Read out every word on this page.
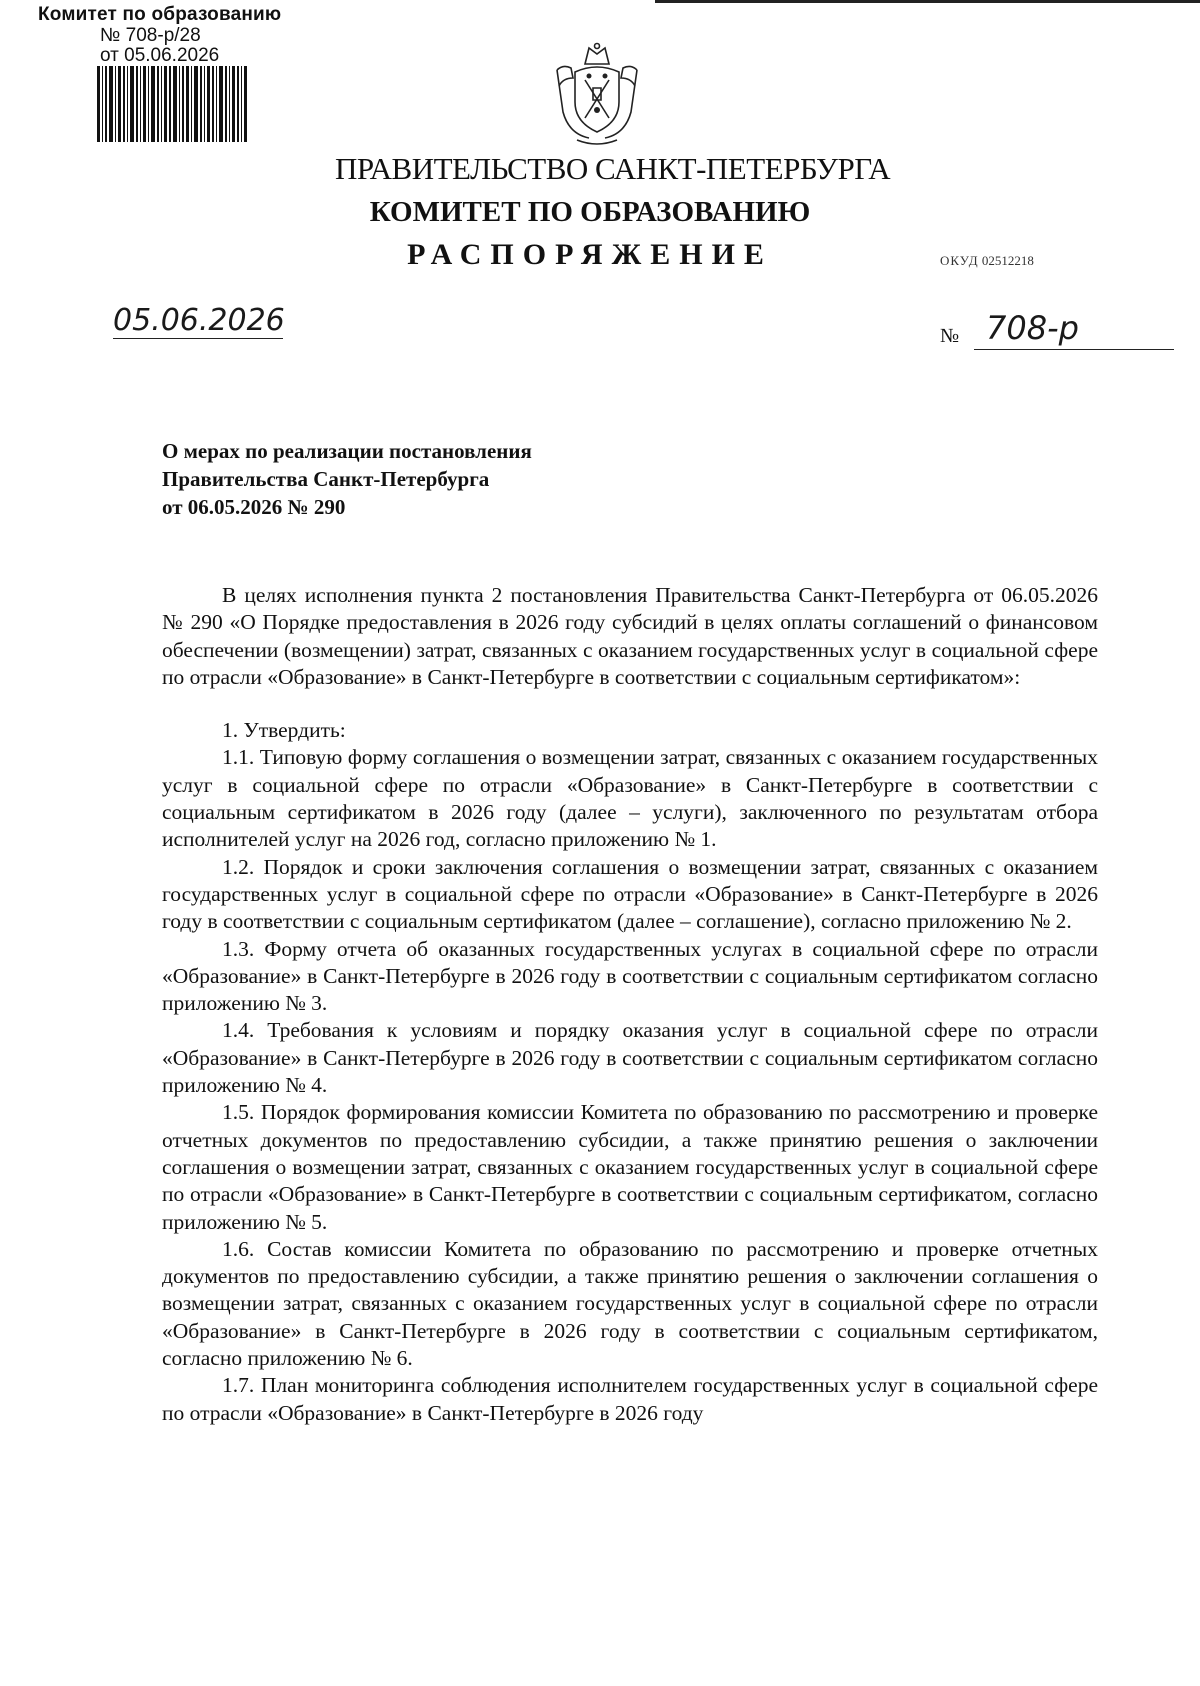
Комитет по образованию
№ 708-р/28
от 05.06.2026
ПРАВИТЕЛЬСТВО САНКТ-ПЕТЕРБУРГА
КОМИТЕТ ПО ОБРАЗОВАНИЮ
РАСПОРЯЖЕНИЕ	ОКУД 02512218
05.06.2026	№ 708-р
О мерах по реализации постановления
Правительства Санкт-Петербурга
от 06.05.2026 № 290

В целях исполнения пункта 2 постановления Правительства Санкт-Петербурга от 06.05.2026 № 290 «О Порядке предоставления в 2026 году субсидий в целях оплаты соглашений о финансовом обеспечении (возмещении) затрат, связанных с оказанием государственных услуг в социальной сфере по отрасли «Образование» в Санкт-Петербурге в соответствии с социальным сертификатом»:

1. Утвердить:

1.1. Типовую форму соглашения о возмещении затрат, связанных с оказанием государственных услуг в социальной сфере по отрасли «Образование» в Санкт-Петербурге в соответствии с социальным сертификатом в 2026 году (далее – услуги), заключенного по результатам отбора исполнителей услуг на 2026 год, согласно приложению № 1.

1.2. Порядок и сроки заключения соглашения о возмещении затрат, связанных с оказанием государственных услуг в социальной сфере по отрасли «Образование» в Санкт-Петербурге в 2026 году в соответствии с социальным сертификатом (далее – соглашение), согласно приложению № 2.

1.3. Форму отчета об оказанных государственных услугах в социальной сфере по отрасли «Образование» в Санкт-Петербурге в 2026 году в соответствии с социальным сертификатом согласно приложению № 3.

1.4. Требования к условиям и порядку оказания услуг в социальной сфере по отрасли «Образование» в Санкт-Петербурге в 2026 году в соответствии с социальным сертификатом согласно приложению № 4.

1.5. Порядок формирования комиссии Комитета по образованию по рассмотрению и проверке отчетных документов по предоставлению субсидии, а также принятию решения о заключении соглашения о возмещении затрат, связанных с оказанием государственных услуг в социальной сфере по отрасли «Образование» в Санкт-Петербурге в соответствии с социальным сертификатом, согласно приложению № 5.

1.6. Состав комиссии Комитета по образованию по рассмотрению и проверке отчетных документов по предоставлению субсидии, а также принятию решения о заключении соглашения о возмещении затрат, связанных с оказанием государственных услуг в социальной сфере по отрасли «Образование» в Санкт-Петербурге в 2026 году в соответствии с социальным сертификатом, согласно приложению № 6.

1.7. План мониторинга соблюдения исполнителем государственных услуг в социальной сфере по отрасли «Образование» в Санкт-Петербурге в 2026 году
